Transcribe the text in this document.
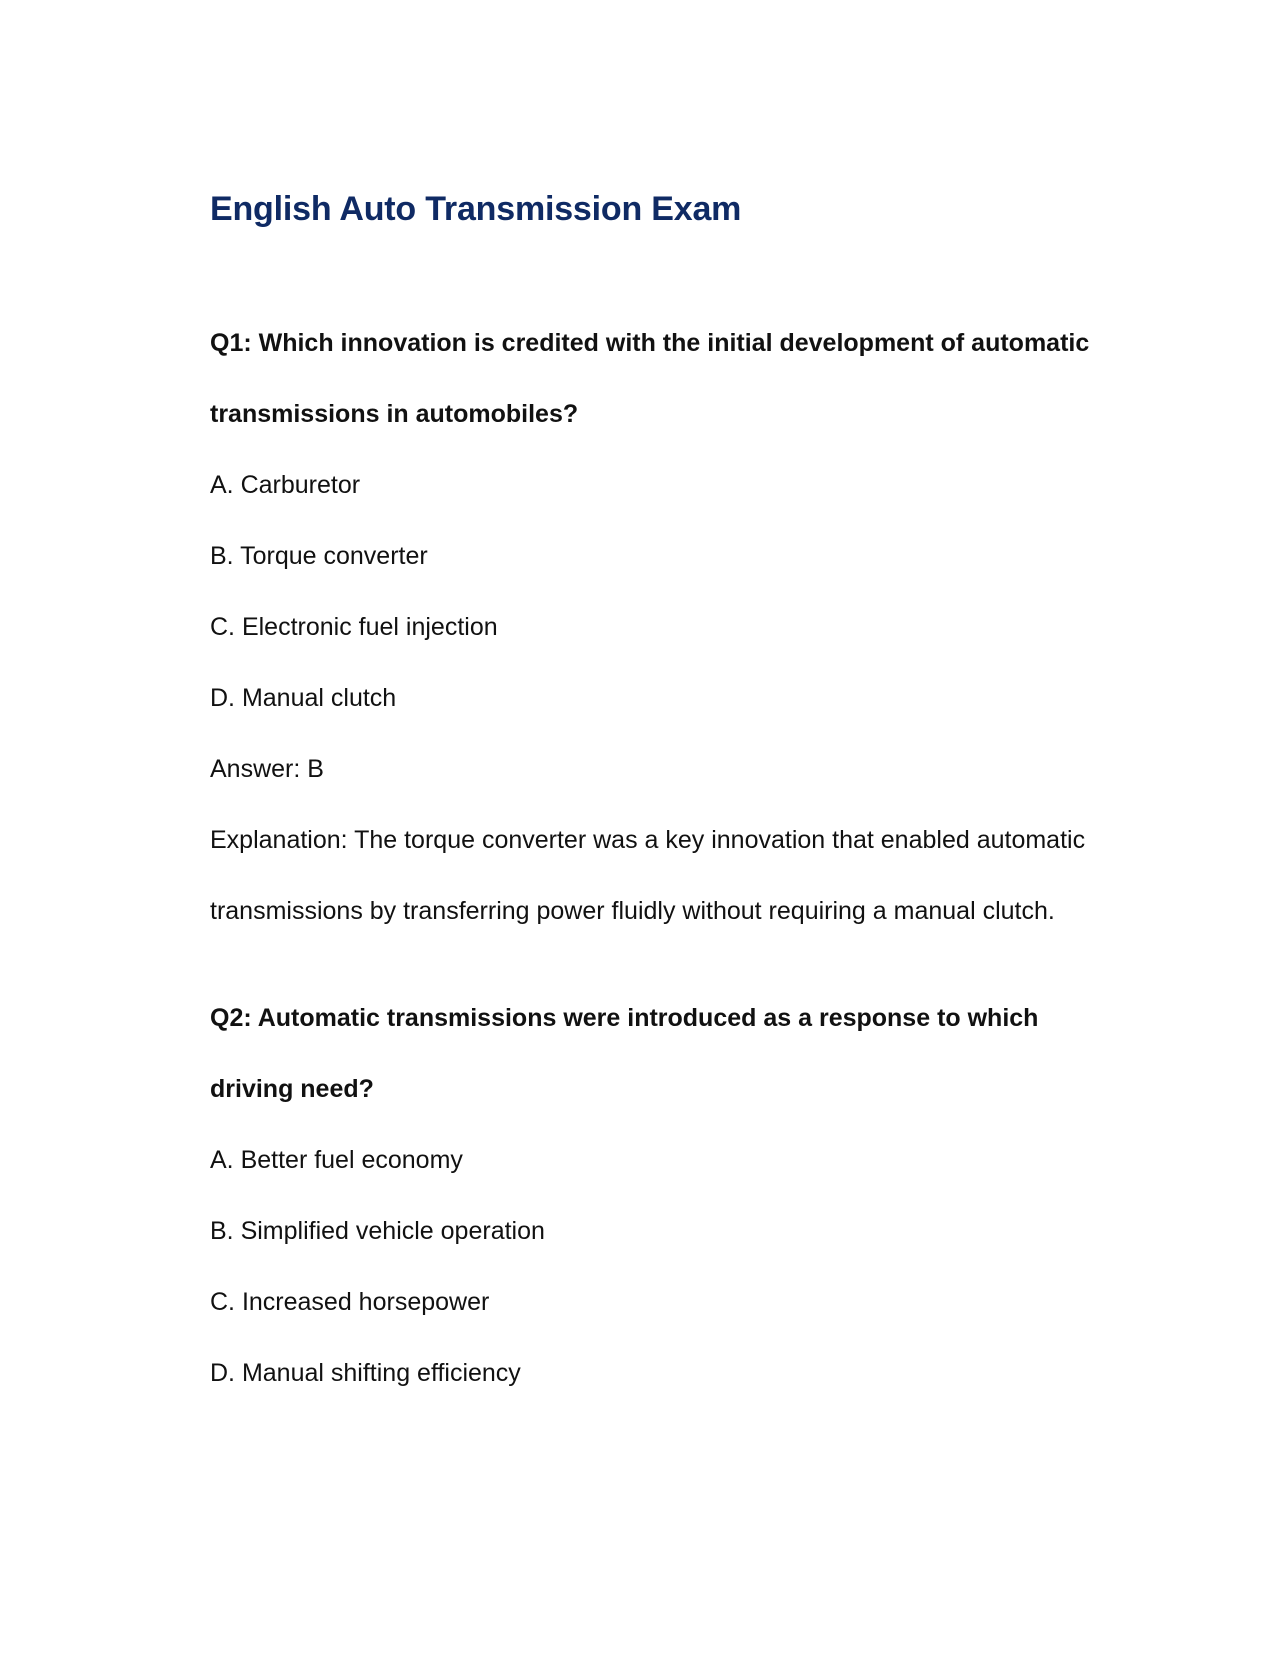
English Auto Transmission Exam
Q1: Which innovation is credited with the initial development of automatic transmissions in automobiles?
A. Carburetor
B. Torque converter
C. Electronic fuel injection
D. Manual clutch
Answer: B
Explanation: The torque converter was a key innovation that enabled automatic transmissions by transferring power fluidly without requiring a manual clutch.
Q2: Automatic transmissions were introduced as a response to which driving need?
A. Better fuel economy
B. Simplified vehicle operation
C. Increased horsepower
D. Manual shifting efficiency
